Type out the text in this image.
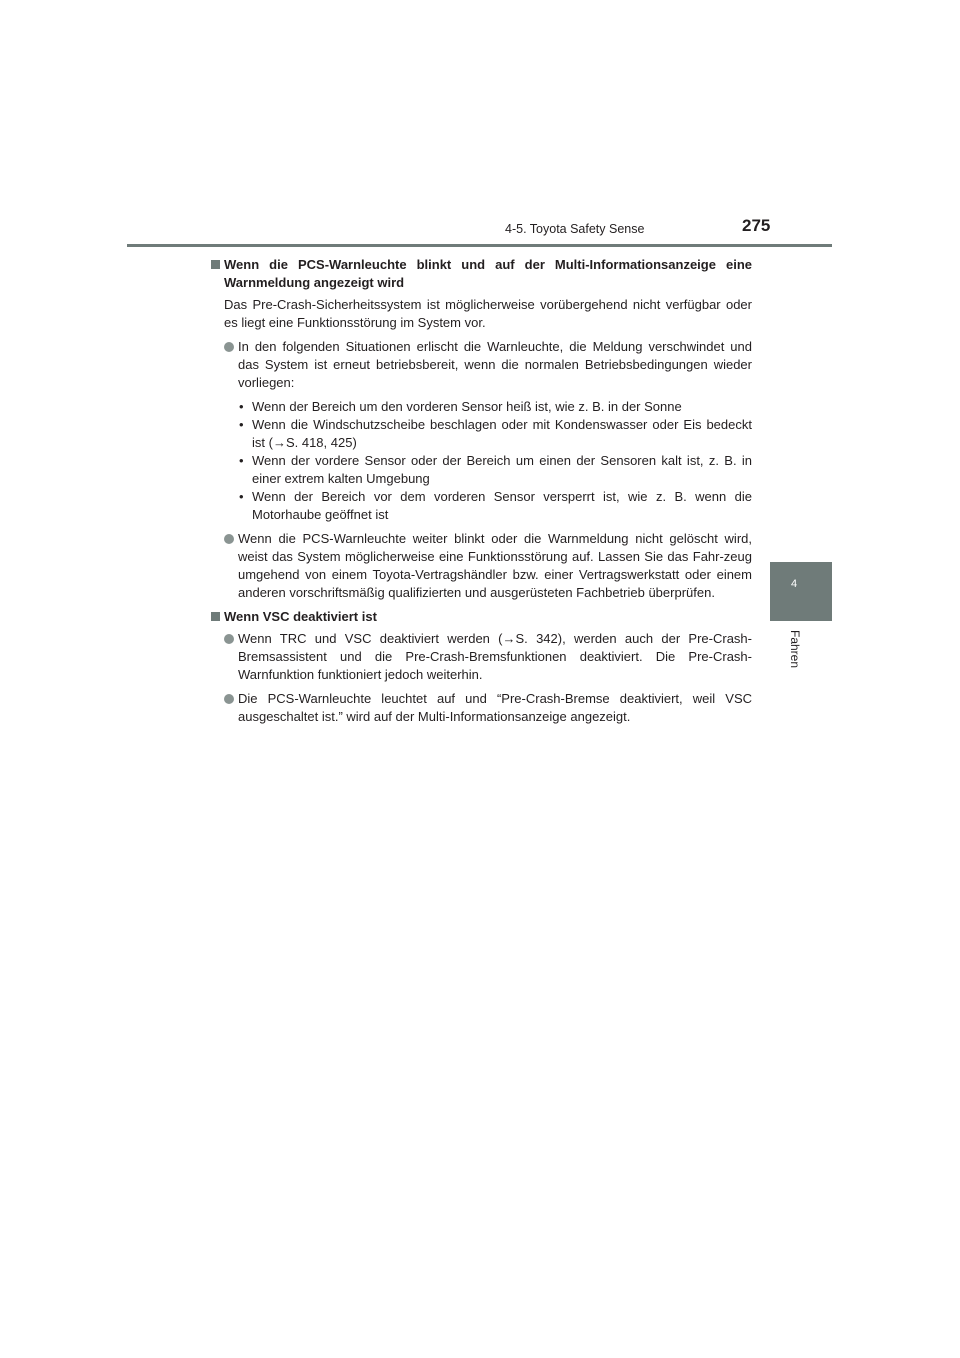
4-5. Toyota Safety Sense	275
4
Fahren
Wenn die PCS-Warnleuchte blinkt und auf der Multi-Informationsanzeige eine Warnmeldung angezeigt wird
Das Pre-Crash-Sicherheitssystem ist möglicherweise vorübergehend nicht verfügbar oder es liegt eine Funktionsstörung im System vor.
In den folgenden Situationen erlischt die Warnleuchte, die Meldung verschwindet und das System ist erneut betriebsbereit, wenn die normalen Betriebsbedingungen wieder vorliegen:
• Wenn der Bereich um den vorderen Sensor heiß ist, wie z. B. in der Sonne
• Wenn die Windschutzscheibe beschlagen oder mit Kondenswasser oder Eis bedeckt ist (→S. 418, 425)
• Wenn der vordere Sensor oder der Bereich um einen der Sensoren kalt ist, z. B. in einer extrem kalten Umgebung
• Wenn der Bereich vor dem vorderen Sensor versperrt ist, wie z. B. wenn die Motorhaube geöffnet ist
Wenn die PCS-Warnleuchte weiter blinkt oder die Warnmeldung nicht gelöscht wird, weist das System möglicherweise eine Funktionsstörung auf. Lassen Sie das Fahr-zeug umgehend von einem Toyota-Vertragshändler bzw. einer Vertragswerkstatt oder einem anderen vorschriftsmäßig qualifizierten und ausgerüsteten Fachbetrieb überprüfen.
Wenn VSC deaktiviert ist
Wenn TRC und VSC deaktiviert werden (→S. 342), werden auch der Pre-Crash-Bremsassistent und die Pre-Crash-Bremsfunktionen deaktiviert. Die Pre-Crash-Warnfunktion funktioniert jedoch weiterhin.
Die PCS-Warnleuchte leuchtet auf und “Pre-Crash-Bremse deaktiviert, weil VSC ausgeschaltet ist.” wird auf der Multi-Informationsanzeige angezeigt.
